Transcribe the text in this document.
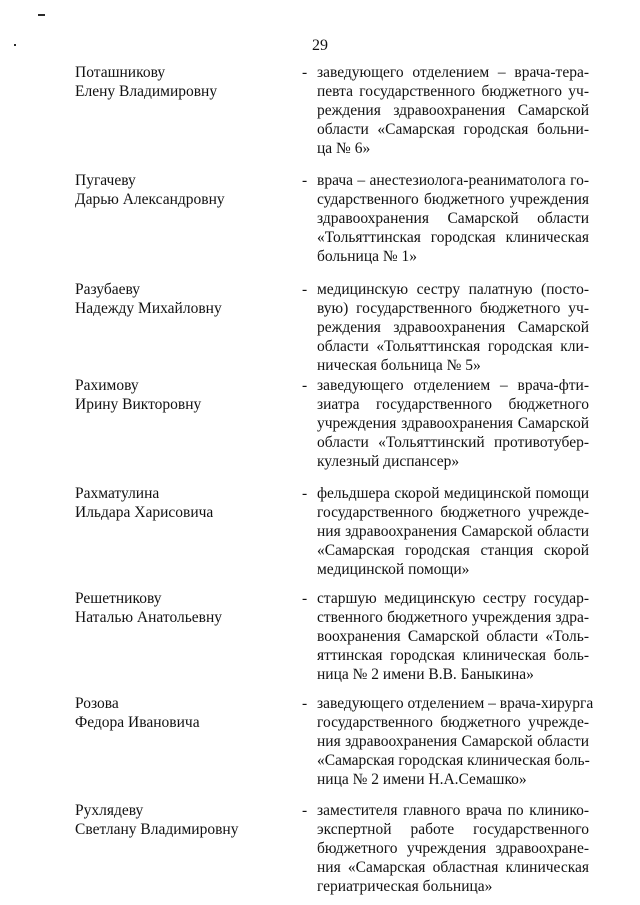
29
Поташникову
Елену Владимировну
- заведующего отделением – врача-тера-
певта государственного бюджетного уч-
реждения здравоохранения Самарской
области «Самарская городская больни-
ца № 6»
Пугачеву
Дарью Александровну
- врача – анестезиолога-реаниматолога го-
сударственного бюджетного учреждения
здравоохранения Самарской области
«Тольяттинская городская клиническая
больница № 1»
Разубаеву
Надежду Михайловну
- медицинскую сестру палатную (посто-
вую) государственного бюджетного уч-
реждения здравоохранения Самарской
области «Тольяттинская городская кли-
ническая больница № 5»
Рахимову
Ирину Викторовну
- заведующего отделением – врача-фти-
зиатра государственного бюджетного
учреждения здравоохранения Самарской
области «Тольяттинский противотубер-
кулезный диспансер»
Рахматулина
Ильдара Харисовича
- фельдшера скорой медицинской помощи
государственного бюджетного учрежде-
ния здравоохранения Самарской области
«Самарская городская станция скорой
медицинской помощи»
Решетникову
Наталью Анатольевну
- старшую медицинскую сестру государ-
ственного бюджетного учреждения здра-
воохранения Самарской области «Толь-
яттинская городская клиническая боль-
ница № 2 имени В.В. Баныкина»
Розова
Федора Ивановича
- заведующего отделением – врача-хирурга
государственного бюджетного учрежде-
ния здравоохранения Самарской области
«Самарская городская клиническая боль-
ница № 2 имени Н.А.Семашко»
Рухлядеву
Светлану Владимировну
- заместителя главного врача по клинико-
экспертной работе государственного
бюджетного учреждения здравоохране-
ния «Самарская областная клиническая
гериатрическая больница»
